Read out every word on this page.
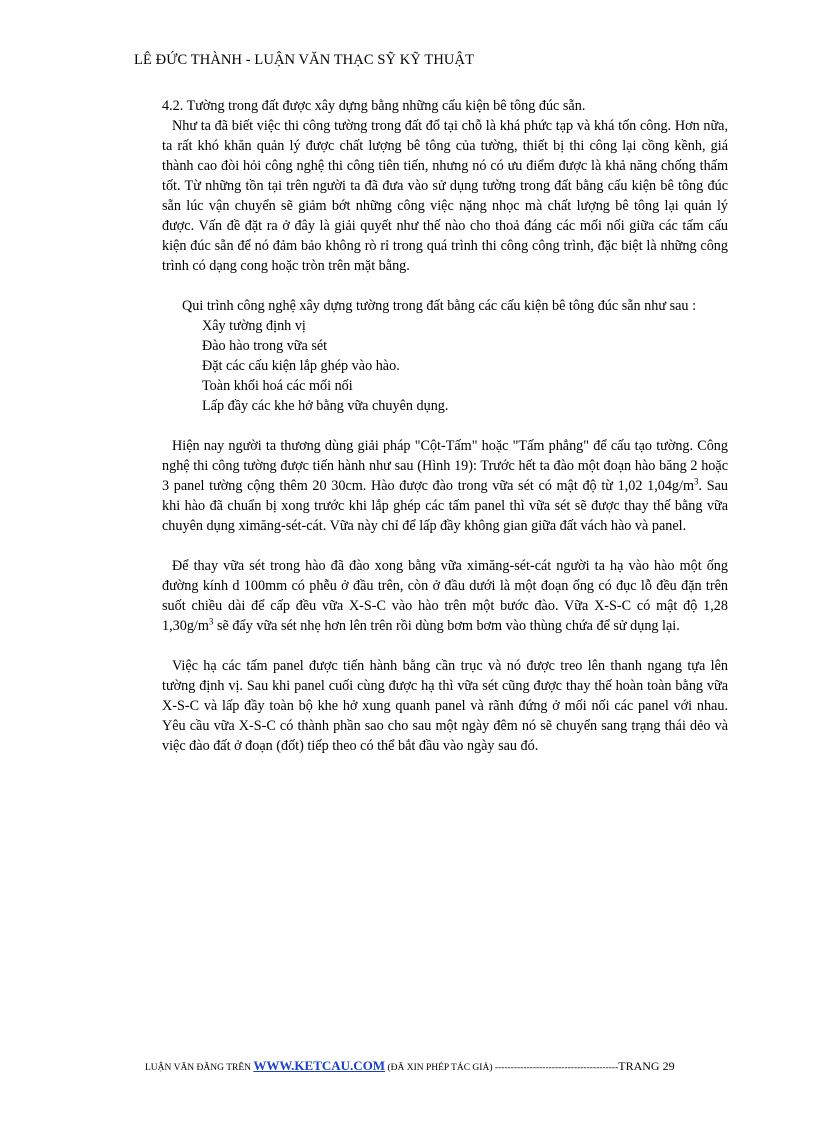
LÊ ĐỨC THÀNH - LUẬN VĂN THẠC SỸ KỸ THUẬT

4.2. Tường trong đất được xây dựng bằng những cấu kiện bê tông đúc sẵn.

Như ta đã biết việc thi công tường trong đất đổ tại chỗ là khá phức tạp và khá tốn công. Hơn nữa, ta rất khó khăn quản lý được chất lượng bê tông của tường, thiết bị thi công lại cồng kềnh, giá thành cao đòi hỏi công nghệ thi công tiên tiến, nhưng nó có ưu điểm được là khả năng chống thấm tốt. Từ những tồn tại trên người ta đã đưa vào sử dụng tường trong đất bằng cấu kiện bê tông đúc sẵn lúc vận chuyển sẽ giảm bớt những công việc nặng nhọc mà chất lượng bê tông lại quản lý được. Vấn đề đặt ra ở đây là giải quyết như thế nào cho thoả đáng các mối nối giữa các tấm cấu kiện đúc sẵn để nó đảm bảo không rò rỉ trong quá trình thi công công trình, đặc biệt là những công trình có dạng cong hoặc tròn trên mặt bằng.

Qui trình công nghệ xây dựng tường trong đất bằng các cấu kiện bê tông đúc sẵn như sau :

Xây tường định vị

Đào hào trong vữa sét

Đặt các cấu kiện lắp ghép vào hào.

Toàn khối hoá các mối nối

Lấp đầy các khe hở bằng vữa chuyên dụng.

Hiện nay người ta thương dùng giải pháp "Cột-Tấm" hoặc "Tấm phẳng" để cấu tạo tường. Công nghệ thi công tường được tiến hành như sau (Hình 19): Trước hết ta đào một đoạn hào băng 2 hoặc 3 panel tường cộng thêm 20 30cm. Hào được đào trong vữa sét có mật độ từ 1,02 $1,04g/m^3$. Sau khi hào đã chuẩn bị xong trước khi lắp ghép các tấm panel thì vữa sét sẽ được thay thế bằng vữa chuyên dụng ximăng-sét-cát. Vữa này chỉ để lấp đầy không gian giữa đất vách hào và panel.

Để thay vữa sét trong hào đã đào xong bằng vữa ximăng-sét-cát người ta hạ vào hào một ống đường kính d 100mm có phễu ở đầu trên, còn ở đầu dưới là một đoạn ống có đục lỗ đều đặn trên suốt chiều dài để cấp đều vữa X-S-C vào hào trên một bước đào. Vữa X-S-C có mật độ 1,28 $1,30g/m^3$ sẽ đẩy vữa sét nhẹ hơn lên trên rồi dùng bơm bơm vào thùng chứa để sử dụng lại.

Việc hạ các tấm panel được tiến hành bằng cần trục và nó được treo lên thanh ngang tựa lên tường định vị. Sau khi panel cuối cùng được hạ thì vữa sét cũng được thay thế hoàn toàn bằng vữa X-S-C và lấp đầy toàn bộ khe hở xung quanh panel và rãnh đứng ở mối nối các panel với nhau. Yêu cầu vữa X-S-C có thành phần sao cho sau một ngày đêm nó sẽ chuyển sang trạng thái dẻo và việc đào đất ở đoạn (đốt) tiếp theo có thể bắt đầu vào ngày sau đó.

LUẬN VĂN ĐĂNG TRÊN WWW.KETCAU.COM (ĐÃ XIN PHÉP TÁC GIẢ) ---------------------------------------TRANG 29
